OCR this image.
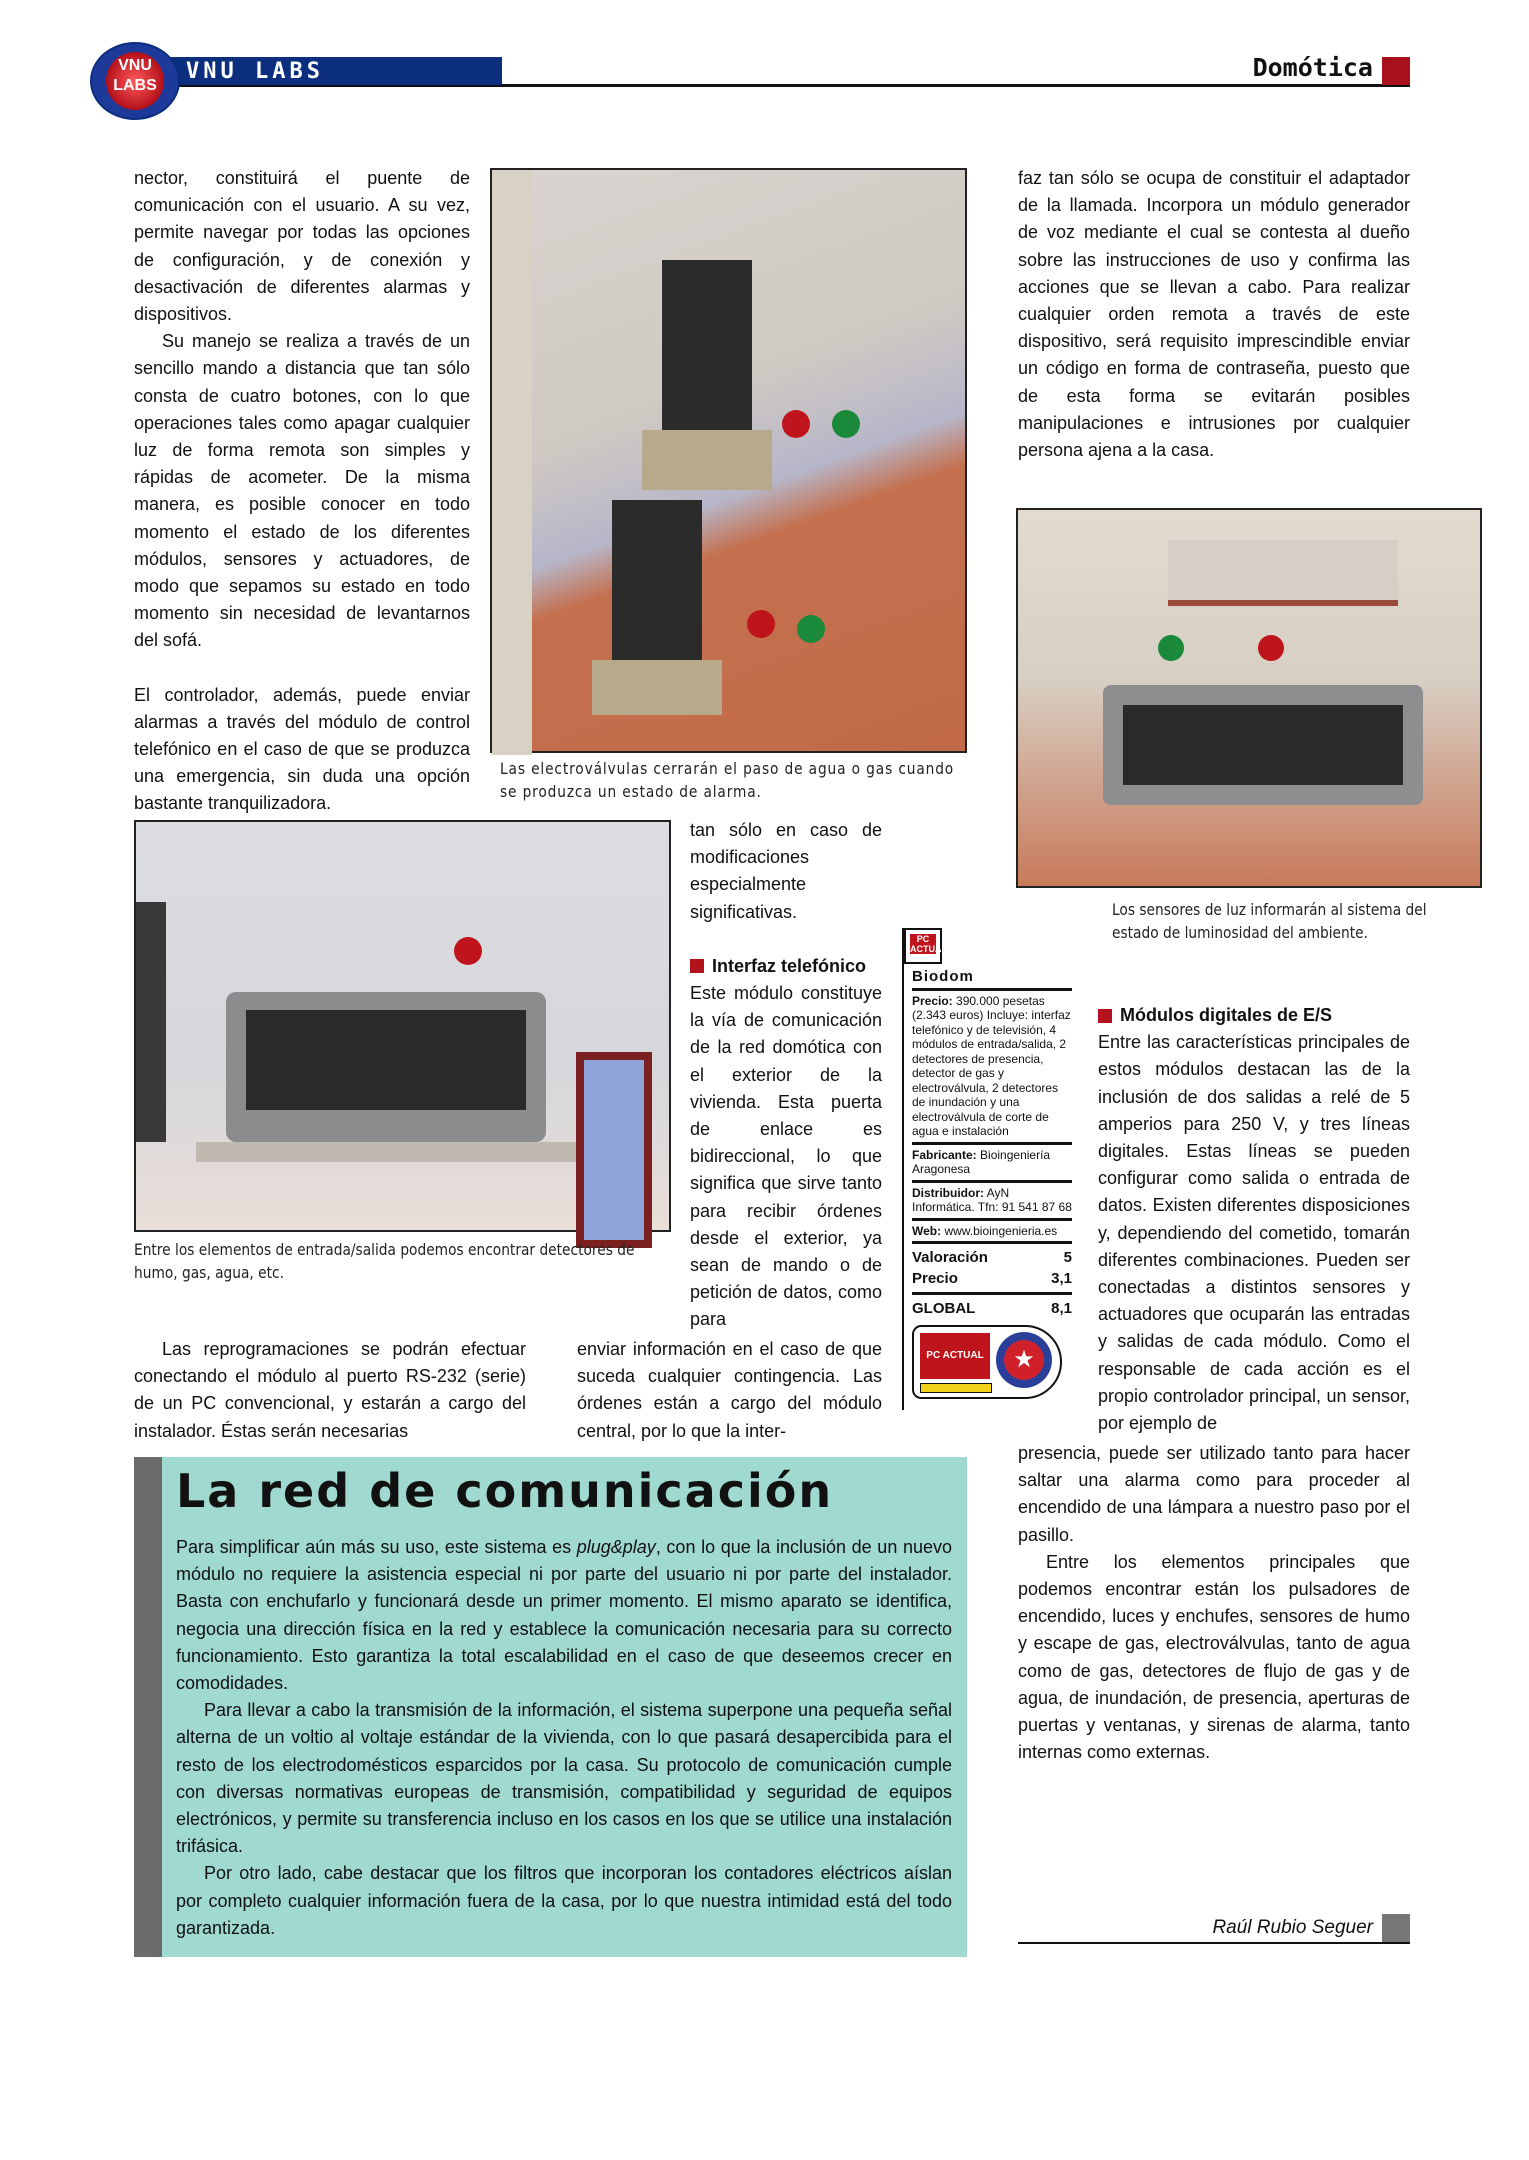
VNU LABS
VNU LABS
Domótica

nector, constituirá el puente de comunicación con el usuario. A su vez, permite navegar por todas las opciones de configuración, y de conexión y desactivación de diferentes alarmas y dispositivos.

Su manejo se realiza a través de un sencillo mando a distancia que tan sólo consta de cuatro botones, con lo que operaciones tales como apagar cualquier luz de forma remota son simples y rápidas de acometer. De la misma manera, es posible conocer en todo momento el estado de los diferentes módulos, sensores y actuadores, de modo que sepamos su estado en todo momento sin necesidad de levantarnos del sofá.

El controlador, además, puede enviar alarmas a través del módulo de control telefónico en el caso de que se produzca una emergencia, sin duda una opción bastante tranquilizadora.

Las electroválvulas cerrarán el paso de agua o gas cuando se produzca un estado de alarma.

faz tan sólo se ocupa de constituir el adaptador de la llamada. Incorpora un módulo generador de voz mediante el cual se contesta al dueño sobre las instrucciones de uso y confirma las acciones que se llevan a cabo. Para realizar cualquier orden remota a través de este dispositivo, será requisito imprescindible enviar un código en forma de contraseña, puesto que de esta forma se evitarán posibles manipulaciones e intrusiones por cualquier persona ajena a la casa.

Los sensores de luz informarán al sistema del estado de luminosidad del ambiente.
Entre los elementos de entrada/salida podemos encontrar detectores de humo, gas, agua, etc.

tan sólo en caso de modificaciones especialmente significativas.

Interfaz telefónico

Este módulo constituye la vía de comunicación de la red domótica con el exterior de la vivienda. Esta puerta de enlace es bidireccional, lo que significa que sirve tanto para recibir órdenes desde el exterior, ya sean de mando o de petición de datos, como para

Las reprogramaciones se podrán efectuar conectando el módulo al puerto RS-232 (serie) de un PC convencional, y estarán a cargo del instalador. Éstas serán necesarias

enviar información en el caso de que suceda cualquier contingencia. Las órdenes están a cargo del módulo central, por lo que la inter-

PC ACTUAL
Biodom
Precio: 390.000 pesetas (2.343 euros) Incluye: interfaz telefónico y de televisión, 4 módulos de entrada/salida, 2 detectores de presencia, detector de gas y electroválvula, 2 detectores de inundación y una electroválvula de corte de agua e instalación
Fabricante: Bioingeniería Aragonesa
Distribuidor: AyN Informática. Tfn: 91 541 87 68
Web: www.bioingenieria.es
Valoración	5
Precio	3,1
GLOBAL	8,1
PC ACTUAL	★
Módulos digitales de E/S

Entre las características principales de estos módulos destacan las de la inclusión de dos salidas a relé de 5 amperios para 250 V, y tres líneas digitales. Estas líneas se pueden configurar como salida o entrada de datos. Existen diferentes disposiciones y, dependiendo del cometido, tomarán diferentes combinaciones. Pueden ser conectadas a distintos sensores y actuadores que ocuparán las entradas y salidas de cada módulo. Como el responsable de cada acción es el propio controlador principal, un sensor, por ejemplo de

presencia, puede ser utilizado tanto para hacer saltar una alarma como para proceder al encendido de una lámpara a nuestro paso por el pasillo.

Entre los elementos principales que podemos encontrar están los pulsadores de encendido, luces y enchufes, sensores de humo y escape de gas, electroválvulas, tanto de agua como de gas, detectores de flujo de gas y de agua, de inundación, de presencia, aperturas de puertas y ventanas, y sirenas de alarma, tanto internas como externas.

Raúl Rubio Seguer
La red de comunicación

Para simplificar aún más su uso, este sistema es plug&play, con lo que la inclusión de un nuevo módulo no requiere la asistencia especial ni por parte del usuario ni por parte del instalador. Basta con enchufarlo y funcionará desde un primer momento. El mismo aparato se identifica, negocia una dirección física en la red y establece la comunicación necesaria para su correcto funcionamiento. Esto garantiza la total escalabilidad en el caso de que deseemos crecer en comodidades.

Para llevar a cabo la transmisión de la información, el sistema superpone una pequeña señal alterna de un voltio al voltaje estándar de la vivienda, con lo que pasará desapercibida para el resto de los electrodomésticos esparcidos por la casa. Su protocolo de comunicación cumple con diversas normativas europeas de transmisión, compatibilidad y seguridad de equipos electrónicos, y permite su transferencia incluso en los casos en los que se utilice una instalación trifásica.

Por otro lado, cabe destacar que los filtros que incorporan los contadores eléctricos aíslan por completo cualquier información fuera de la casa, por lo que nuestra intimidad está del todo garantizada.
